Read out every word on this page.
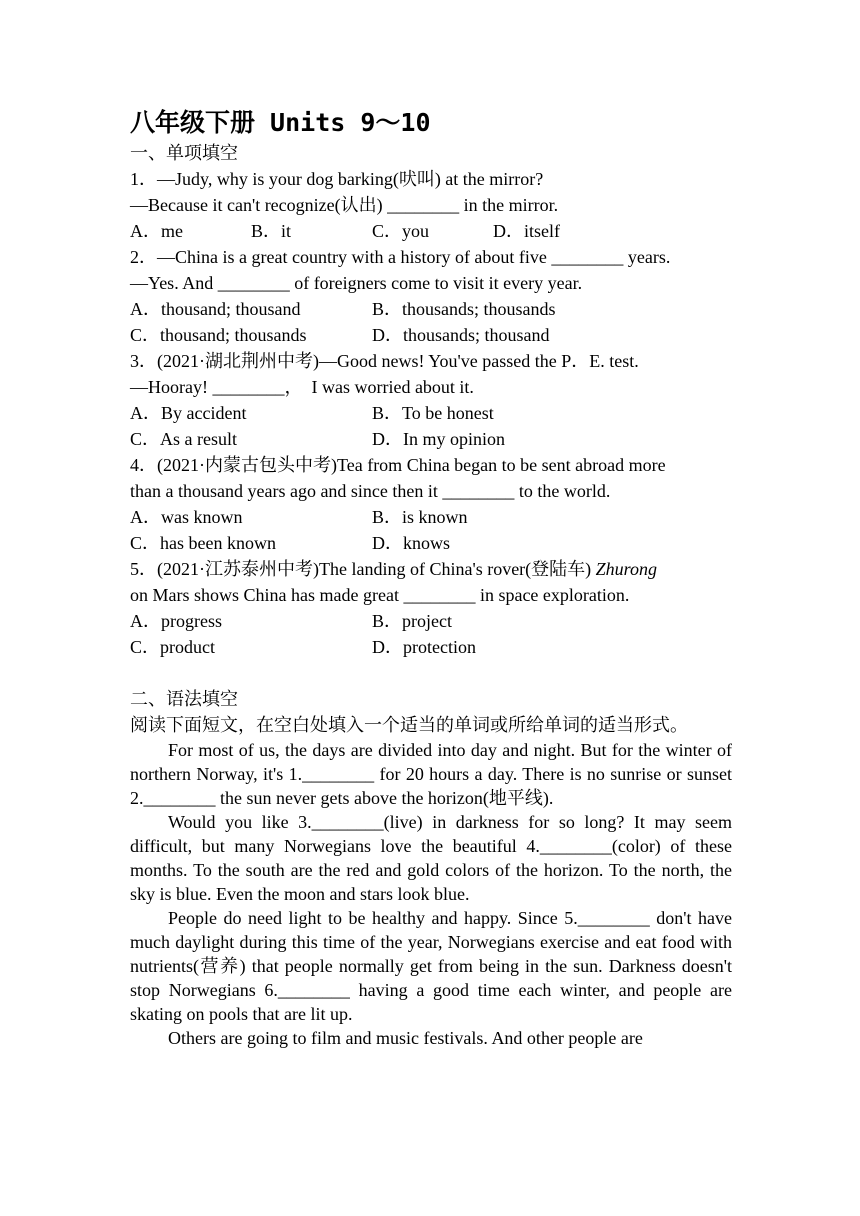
八年级下册 Units 9～10
一、单项填空
1．—Judy, why is your dog barking(吠叫) at the mirror?
—Because it can't recognize(认出) ________ in the mirror.
A．me	B．it	C．you	D．itself
2．—China is a great country with a history of about five ________ years.
—Yes. And ________ of foreigners come to visit it every year.
A．thousand; thousand	B．thousands; thousands
C．thousand; thousands	D．thousands; thousand
3．(2021·湖北荆州中考)—Good news! You've passed the P．E. test.
—Hooray! ________，  I was worried about it.
A．By accident	B．To be honest
C．As a result	D．In my opinion
4．(2021·内蒙古包头中考)Tea from China began to be sent abroad more
than a thousand years ago and since then it ________ to the world.
A．was known	B．is known
C．has been known	D．knows
5．(2021·江苏泰州中考)The landing of China's rover(登陆车) Zhurong
on Mars shows China has made great ________ in space exploration.
A．progress	B．project
C．product	D．protection
二、语法填空
阅读下面短文，在空白处填入一个适当的单词或所给单词的适当形式。

For most of us, the days are divided into day and night. But for the winter of northern Norway, it's 1.________ for 20 hours a day. There is no sunrise or sunset 2.________ the sun never gets above the horizon(地平线).

Would you like 3.________(live) in darkness for so long? It may seem difficult, but many Norwegians love the beautiful 4.________(color) of these months. To the south are the red and gold colors of the horizon. To the north, the sky is blue. Even the moon and stars look blue.

People do need light to be healthy and happy. Since 5.________ don't have much daylight during this time of the year, Norwegians exercise and eat food with nutrients(营养) that people normally get from being in the sun. Darkness doesn't stop Norwegians 6.________ having a good time each winter, and people are skating on pools that are lit up.

Others are going to film and music festivals. And other people are
